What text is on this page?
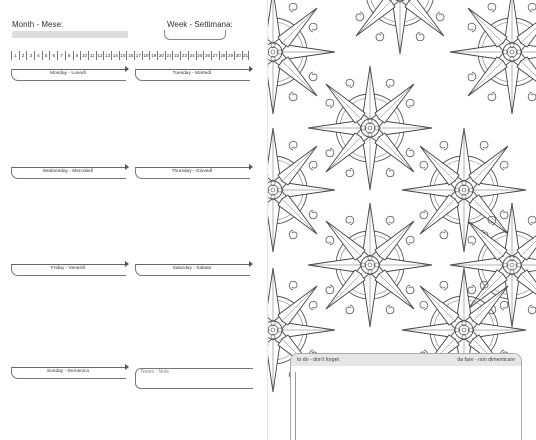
Month - Mese:	Week - Settimana:
1	2	3	4	5	6	7	8	9 10 11 12 13 14 15 16 17 18 19 20 21 22 23 24 25 26 27 28 29 30 31
Monday - Lunedì	Tuesday - Martedì
Wednesday - Mercoledì	Thursday - Giovedì
Friday - Venerdì	Saturday - Sabato
Sunday - Domenica	Notes - Note
to do - don't forget	da fare - non dimenticare
